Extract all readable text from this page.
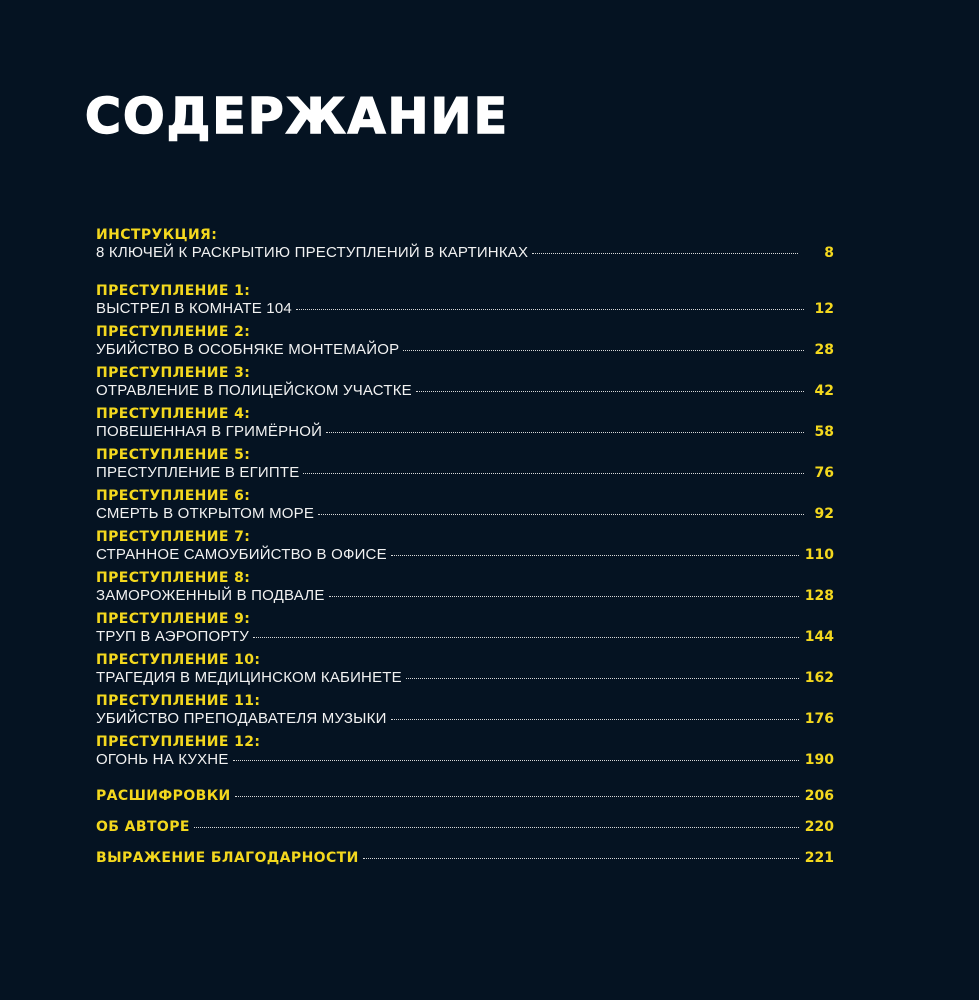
СОДЕРЖАНИЕ
ИНСТРУКЦИЯ:
8 КЛЮЧЕЙ К РАСКРЫТИЮ ПРЕСТУПЛЕНИЙ В КАРТИНКАХ	8
ПРЕСТУПЛЕНИЕ 1:
ВЫСТРЕЛ В КОМНАТЕ 104	12
ПРЕСТУПЛЕНИЕ 2:
УБИЙСТВО В ОСОБНЯКЕ МОНТЕМАЙОР	28
ПРЕСТУПЛЕНИЕ 3:
ОТРАВЛЕНИЕ В ПОЛИЦЕЙСКОМ УЧАСТКЕ	42
ПРЕСТУПЛЕНИЕ 4:
ПОВЕШЕННАЯ В ГРИМЁРНОЙ	58
ПРЕСТУПЛЕНИЕ 5:
ПРЕСТУПЛЕНИЕ В ЕГИПТЕ	76
ПРЕСТУПЛЕНИЕ 6:
СМЕРТЬ В ОТКРЫТОМ МОРЕ	92
ПРЕСТУПЛЕНИЕ 7:
СТРАННОЕ САМОУБИЙСТВО В ОФИСЕ	110
ПРЕСТУПЛЕНИЕ 8:
ЗАМОРОЖЕННЫЙ В ПОДВАЛЕ	128
ПРЕСТУПЛЕНИЕ 9:
ТРУП В АЭРОПОРТУ	144
ПРЕСТУПЛЕНИЕ 10:
ТРАГЕДИЯ В МЕДИЦИНСКОМ КАБИНЕТЕ	162
ПРЕСТУПЛЕНИЕ 11:
УБИЙСТВО ПРЕПОДАВАТЕЛЯ МУЗЫКИ	176
ПРЕСТУПЛЕНИЕ 12:
ОГОНЬ НА КУХНЕ	190
РАСШИФРОВКИ	206
ОБ АВТОРЕ	220
ВЫРАЖЕНИЕ БЛАГОДАРНОСТИ	221
